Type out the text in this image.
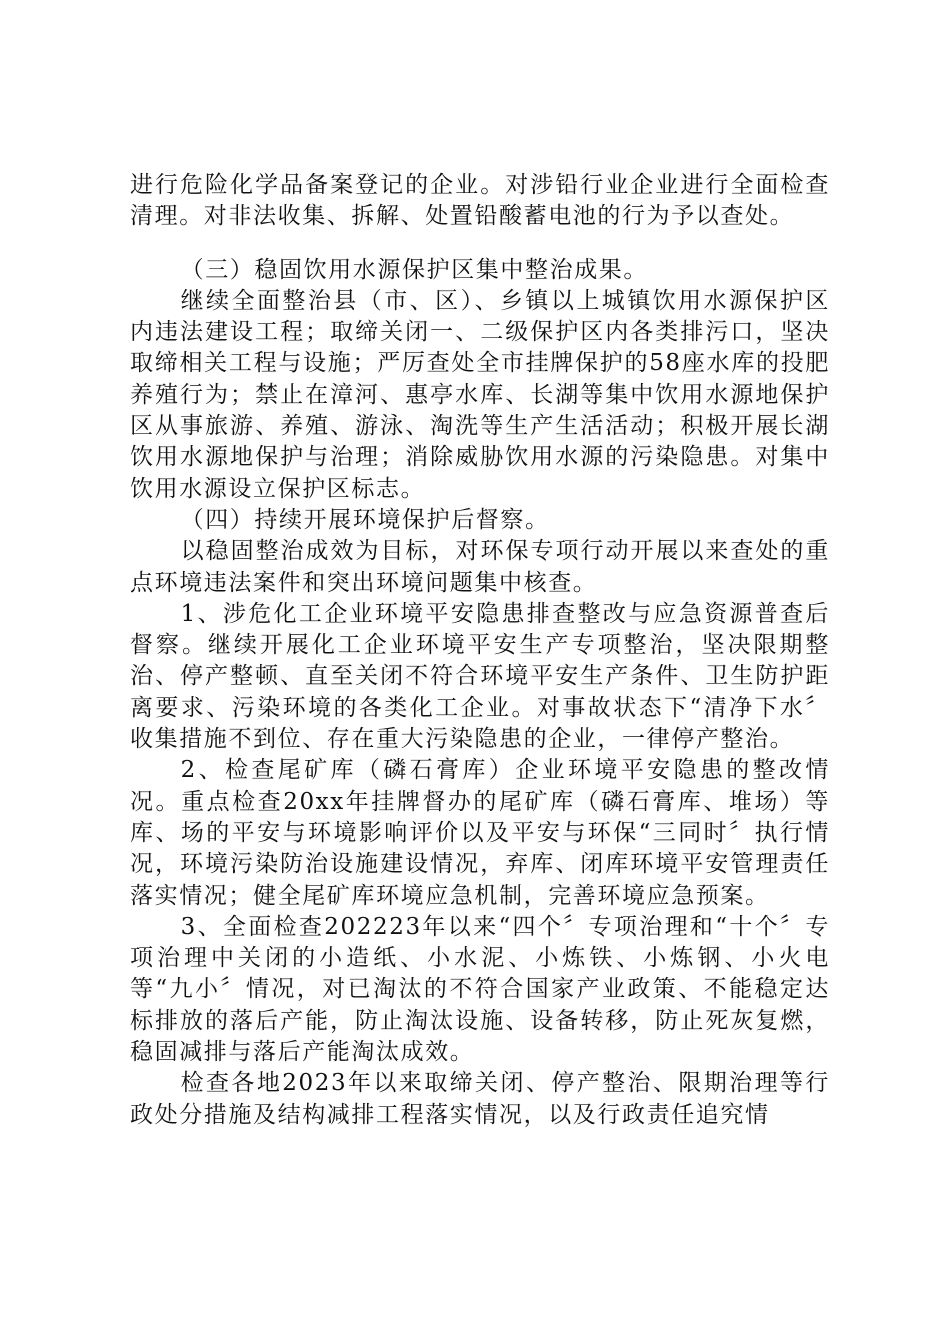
进行危险化学品备案登记的企业。对涉铅行业企业进行全面检查清理。对非法收集、拆解、处置铅酸蓄电池的行为予以查处。

（三）稳固饮用水源保护区集中整治成果。

继续全面整治县（市、区）、乡镇以上城镇饮用水源保护区内违法建设工程；取缔关闭一、二级保护区内各类排污口，坚决取缔相关工程与设施；严厉查处全市挂牌保护的58座水库的投肥养殖行为；禁止在漳河、惠亭水库、长湖等集中饮用水源地保护区从事旅游、养殖、游泳、淘洗等生产生活活动；积极开展长湖饮用水源地保护与治理；消除威胁饮用水源的污染隐患。对集中饮用水源设立保护区标志。

（四）持续开展环境保护后督察。

以稳固整治成效为目标，对环保专项行动开展以来查处的重点环境违法案件和突出环境问题集中核查。

1、涉危化工企业环境平安隐患排查整改与应急资源普查后督察。继续开展化工企业环境平安生产专项整治，坚决限期整治、停产整顿、直至关闭不符合环境平安生产条件、卫生防护距离要求、污染环境的各类化工企业。对事故状态下“清净下水〞收集措施不到位、存在重大污染隐患的企业，一律停产整治。

2、检查尾矿库（磷石膏库）企业环境平安隐患的整改情况。重点检查20xx年挂牌督办的尾矿库（磷石膏库、堆场）等库、场的平安与环境影响评价以及平安与环保“三同时〞执行情况，环境污染防治设施建设情况，弃库、闭库环境平安管理责任落实情况；健全尾矿库环境应急机制，完善环境应急预案。

3、全面检查202223年以来“四个〞专项治理和“十个〞专项治理中关闭的小造纸、小水泥、小炼铁、小炼钢、小火电等“九小〞情况，对已淘汰的不符合国家产业政策、不能稳定达标排放的落后产能，防止淘汰设施、设备转移，防止死灰复燃，稳固减排与落后产能淘汰成效。

检查各地2023年以来取缔关闭、停产整治、限期治理等行政处分措施及结构减排工程落实情况，以及行政责任追究情
